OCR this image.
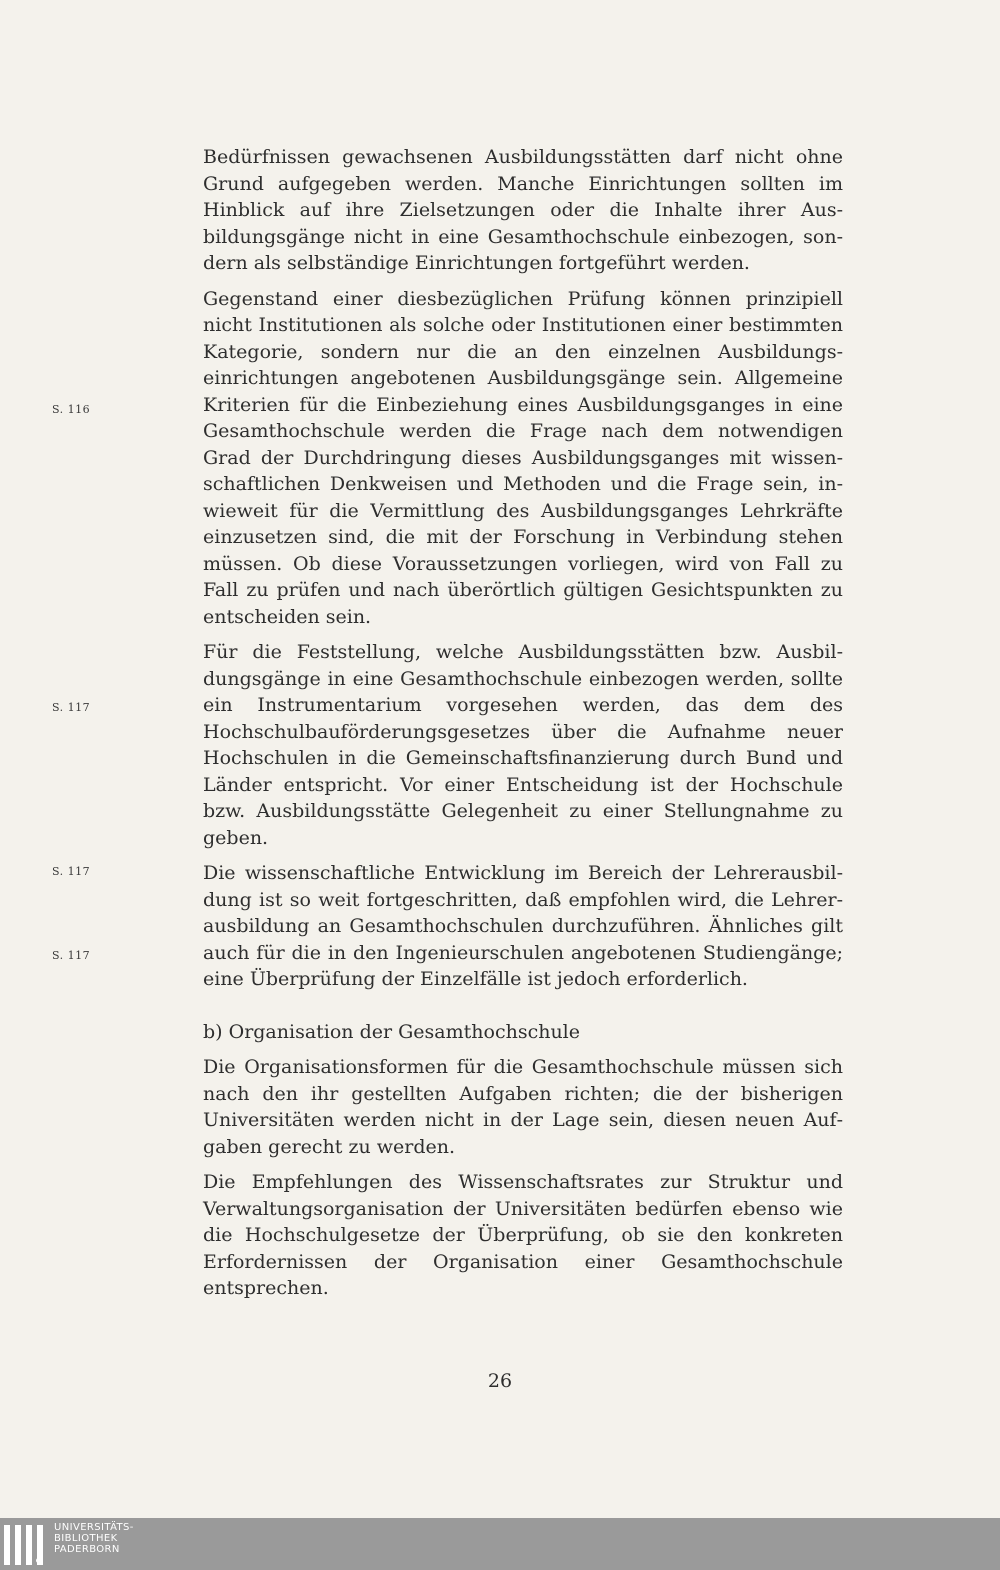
Bedürfnissen gewachsenen Ausbildungsstätten darf nicht ohne Grund aufgegeben werden. Manche Einrichtungen sollten im Hinblick auf ihre Zielsetzungen oder die Inhalte ihrer Ausbildungsgänge nicht in eine Gesamthochschule einbezogen, sondern als selbständige Einrichtungen fortgeführt werden.

Gegenstand einer diesbezüglichen Prüfung können prinzipiell nicht Institutionen als solche oder Institutionen einer bestimmten Kategorie, sondern nur die an den einzelnen Ausbildungseinrichtungen angebotenen Ausbildungsgänge sein. Allgemeine Kriterien für die Einbeziehung eines Ausbildungsganges in eine Gesamthochschule werden die Frage nach dem notwendigen Grad der Durchdringung dieses Ausbildungsganges mit wissenschaftlichen Denkweisen und Methoden und die Frage sein, inwieweit für die Vermittlung des Ausbildungsganges Lehrkräfte einzusetzen sind, die mit der Forschung in Verbindung stehen müssen. Ob diese Voraussetzungen vorliegen, wird von Fall zu Fall zu prüfen und nach überörtlich gültigen Gesichtspunkten zu entscheiden sein.

Für die Feststellung, welche Ausbildungsstätten bzw. Ausbildungsgänge in eine Gesamthochschule einbezogen werden, sollte ein Instrumentarium vorgesehen werden, das dem des Hochschulbauförderungsgesetzes über die Aufnahme neuer Hochschulen in die Gemeinschaftsfinanzierung durch Bund und Länder entspricht. Vor einer Entscheidung ist der Hochschule bzw. Ausbildungsstätte Gelegenheit zu einer Stellungnahme zu geben.

Die wissenschaftliche Entwicklung im Bereich der Lehrerausbildung ist so weit fortgeschritten, daß empfohlen wird, die Lehrerausbildung an Gesamthochschulen durchzuführen. Ähnliches gilt auch für die in den Ingenieurschulen angebotenen Studiengänge; eine Überprüfung der Einzelfälle ist jedoch erforderlich.

b) Organisation der Gesamthochschule

Die Organisationsformen für die Gesamthochschule müssen sich nach den ihr gestellten Aufgaben richten; die der bisherigen Universitäten werden nicht in der Lage sein, diesen neuen Aufgaben gerecht zu werden.

Die Empfehlungen des Wissenschaftsrates zur Struktur und Verwaltungsorganisation der Universitäten bedürfen ebenso wie die Hochschulgesetze der Überprüfung, ob sie den konkreten Erfordernissen der Organisation einer Gesamthochschule entsprechen.

S. 116
S. 117
S. 117
S. 117
26
UNIVERSITÄTS-
BIBLIOTHEK
PADERBORN
